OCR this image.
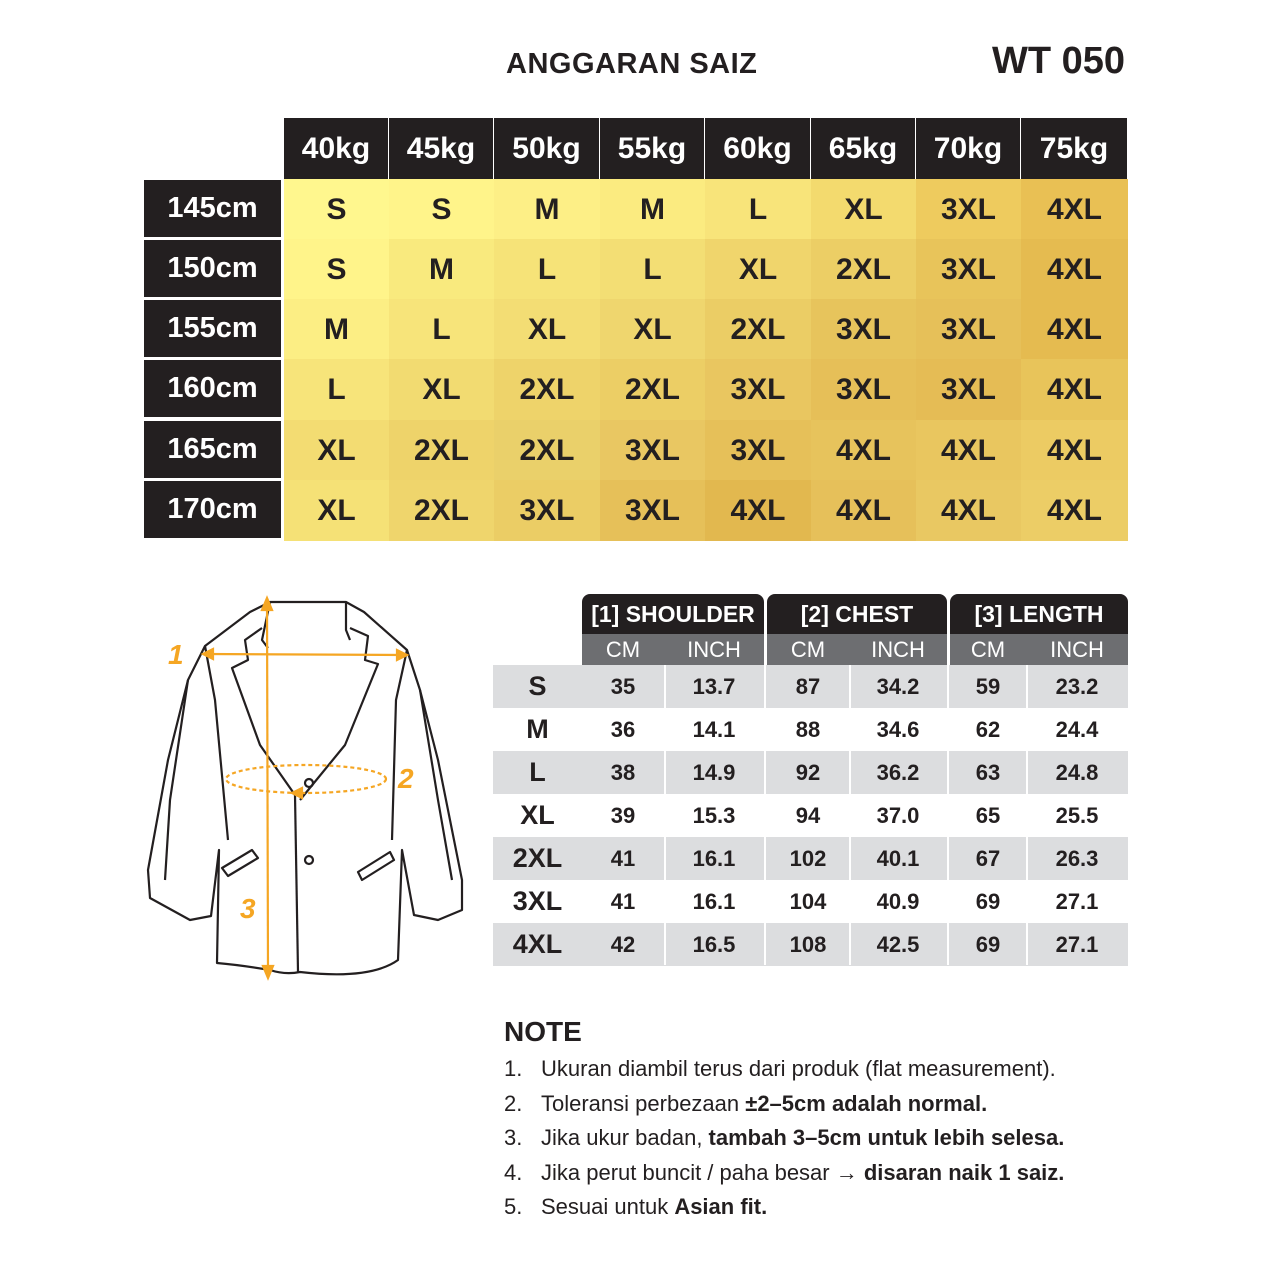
ANGGARAN SAIZ	WT 050
40kg	45kg	50kg	55kg	60kg	65kg	70kg	75kg
145cm	S	S	M	M	L	XL	3XL	4XL
150cm	S	M	L	L	XL	2XL	3XL	4XL
155cm	M	L	XL	XL	2XL	3XL	3XL	4XL
160cm	L	XL	2XL	2XL	3XL	3XL	3XL	4XL
165cm	XL	2XL	2XL	3XL	3XL	4XL	4XL	4XL
170cm	XL	2XL	3XL	3XL	4XL	4XL	4XL	4XL
1
2
3
[1] SHOULDER	[2] CHEST	[3] LENGTH
CM	INCH	CM	INCH	CM	INCH
S	35	13.7	87	34.2	59	23.2
M	36	14.1	88	34.6	62	24.4
L	38	14.9	92	36.2	63	24.8
XL	39	15.3	94	37.0	65	25.5
2XL	41	16.1	102	40.1	67	26.3
3XL	41	16.1	104	40.9	69	27.1
4XL	42	16.5	108	42.5	69	27.1
NOTE
1. Ukuran diambil terus dari produk (flat measurement).
2. Toleransi perbezaan ±2–5cm adalah normal.
3. Jika ukur badan, tambah 3–5cm untuk lebih selesa.
4. Jika perut buncit / paha besar → disaran naik 1 saiz.
5. Sesuai untuk Asian fit.
